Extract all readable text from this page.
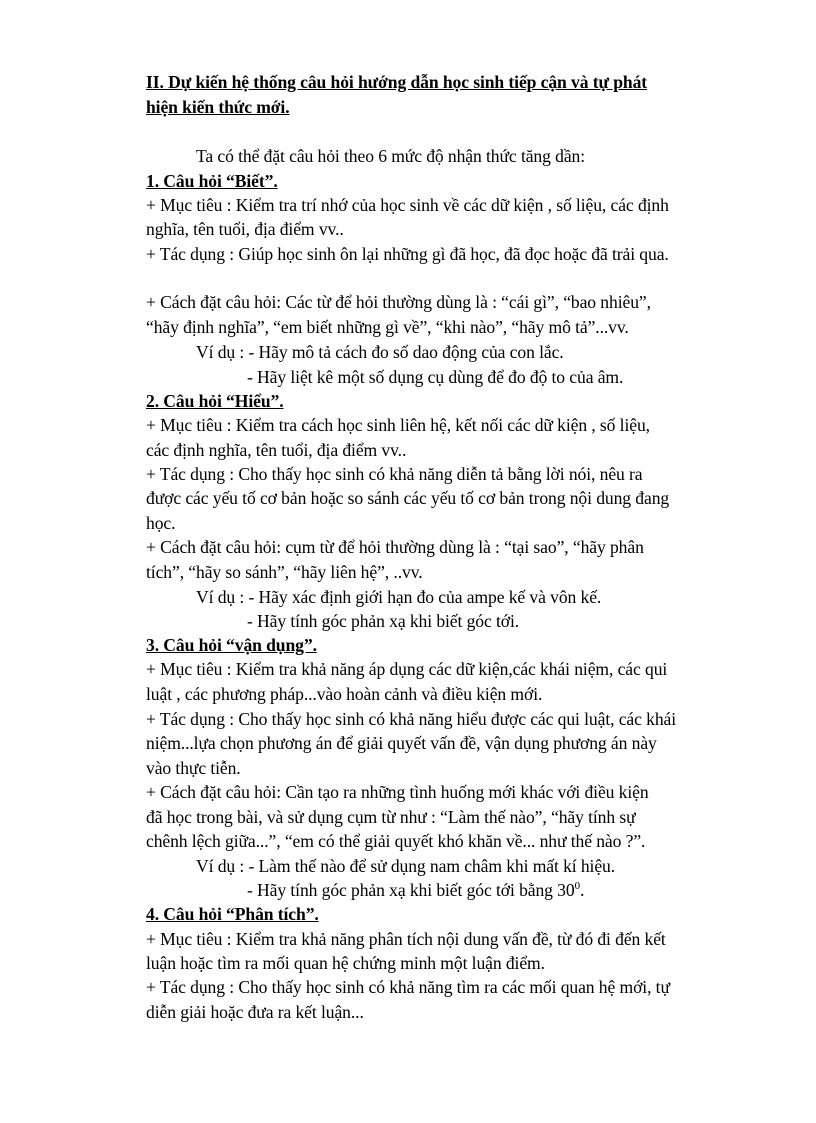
II. Dự kiến hệ thống câu hỏi hướng dẫn học sinh tiếp cận và tự phát
hiện kiến thức mới.
Ta có thể đặt câu hỏi theo 6 mức độ nhận thức tăng dần:
1. Câu hỏi “Biết”.
+ Mục tiêu : Kiểm tra trí nhớ của học sinh về các dữ kiện , số liệu, các định
nghĩa, tên tuổi, địa điểm vv..
+ Tác dụng : Giúp học sinh ôn lại những gì đã học, đã đọc hoặc đã trải qua.
+ Cách đặt câu hỏi: Các từ để hỏi thường dùng là : “cái gì”, “bao nhiêu”,
“hãy định nghĩa”, “em biết những gì về”, “khi nào”, “hãy mô tả”...vv.
Ví dụ : - Hãy mô tả cách đo số dao động của con lắc.
- Hãy liệt kê một số dụng cụ dùng để đo độ to của âm.
2. Câu hỏi “Hiểu”.
+ Mục tiêu : Kiểm tra cách học sinh liên hệ, kết nối các dữ kiện , số liệu,
các định nghĩa, tên tuổi, địa điểm vv..
+ Tác dụng : Cho thấy học sinh có khả năng diễn tả bằng lời nói, nêu ra
được các yếu tố cơ bản hoặc so sánh các yếu tố cơ bản trong nội dung đang
học.
+ Cách đặt câu hỏi: cụm từ để hỏi thường dùng là : “tại sao”, “hãy phân
tích”, “hãy so sánh”, “hãy liên hệ”, ..vv.
Ví dụ : - Hãy xác định giới hạn đo của ampe kế và vôn kế.
- Hãy tính góc phản xạ khi biết góc tới.
3. Câu hỏi “vận dụng”.
+ Mục tiêu : Kiểm tra khả năng áp dụng các dữ kiện,các khái niệm, các qui
luật , các phương pháp...vào hoàn cảnh và điều kiện mới.
+ Tác dụng : Cho thấy học sinh có khả năng hiểu được các qui luật, các khái
niệm...lựa chọn phương án để giải quyết vấn đề, vận dụng phương án này
vào thực tiễn.
+ Cách đặt câu hỏi: Cần tạo ra những tình huống mới khác với điều kiện
đã học trong bài, và sử dụng cụm từ như : “Làm thế nào”, “hãy tính sự
chênh lệch giữa...”, “em có thể giải quyết khó khăn về... như thế nào ?”.
Ví dụ : - Làm thế nào để sử dụng nam châm khi mất kí hiệu.
- Hãy tính góc phản xạ khi biết góc tới bằng $30^0$.
4. Câu hỏi “Phân tích”.
+ Mục tiêu : Kiểm tra khả năng phân tích nội dung vấn đề, từ đó đi đến kết
luận hoặc tìm ra mối quan hệ chứng minh một luận điểm.
+ Tác dụng : Cho thấy học sinh có khả năng tìm ra các mối quan hệ mới, tự
diễn giải hoặc đưa ra kết luận...
